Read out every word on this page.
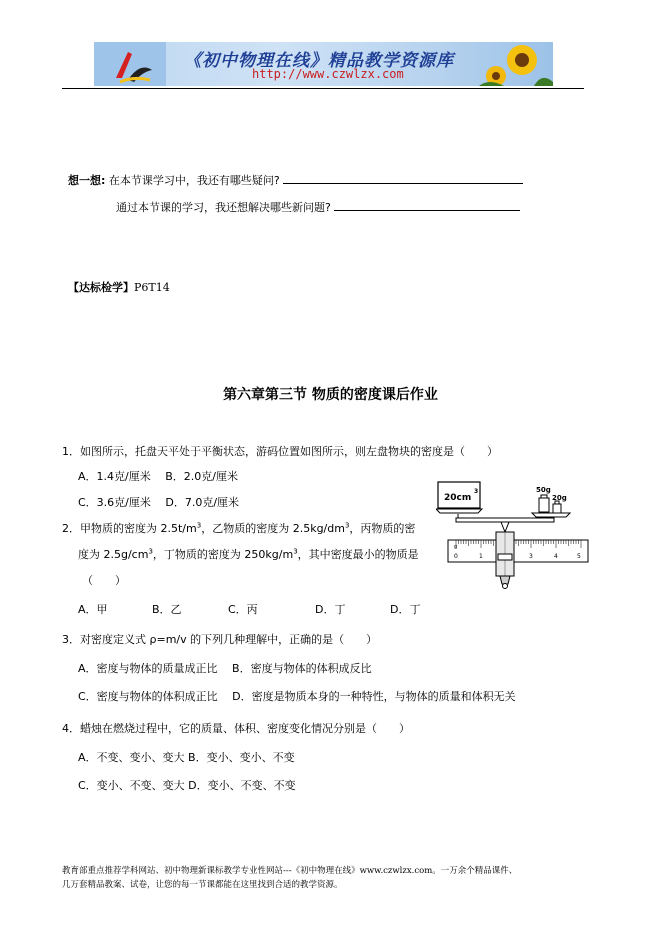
《初中物理在线》精品教学资源库
http://www.czwlzx.com
想一想: 在本节课学习中，我还有哪些疑问?
通过本节课的学习，我还想解决哪些新问题?
【达标检学】P6T14
第六章第三节 物质的密度课后作业
1．如图所示，托盘天平处于平衡状态，游码位置如图所示，则左盘物块的密度是（　　）
A．1.4克/厘米　 B．2.0克/厘米
C．3.6克/厘米　 D．7.0克/厘米
2．甲物质的密度为 $2.5t/m^3$，乙物质的密度为 $2.5kg/dm^3$，丙物质的密
度为 $2.5g/cm^3$，丁物质的密度为 $250kg/m^3$，其中密度最小的物质是
（　　）
A．甲	B．乙	C．丙	D．丁	D．丁
3．对密度定义式 ρ=m/v 的下列几种理解中，正确的是（　　）
A．密度与物体的质量成正比　 B．密度与物体的体积成反比
C．密度与物体的体积成正比　 D．密度是物质本身的一种特性，与物体的质量和体积无关
4．蜡烛在燃烧过程中，它的质量、体积、密度变化情况分别是（　　）
A．不变、变小、变大 B．变小、变小、不变
C．变小、不变、变大 D．变小、不变、不变
20cm
3	50g
20g
0	1	3	4	5
g
教育部重点推荐学科网站、初中物理新课标教学专业性网站---《初中物理在线》www.czwlzx.com。一万余个精品课件、
几万套精品教案、试卷，让您的每一节课都能在这里找到合适的教学资源。
